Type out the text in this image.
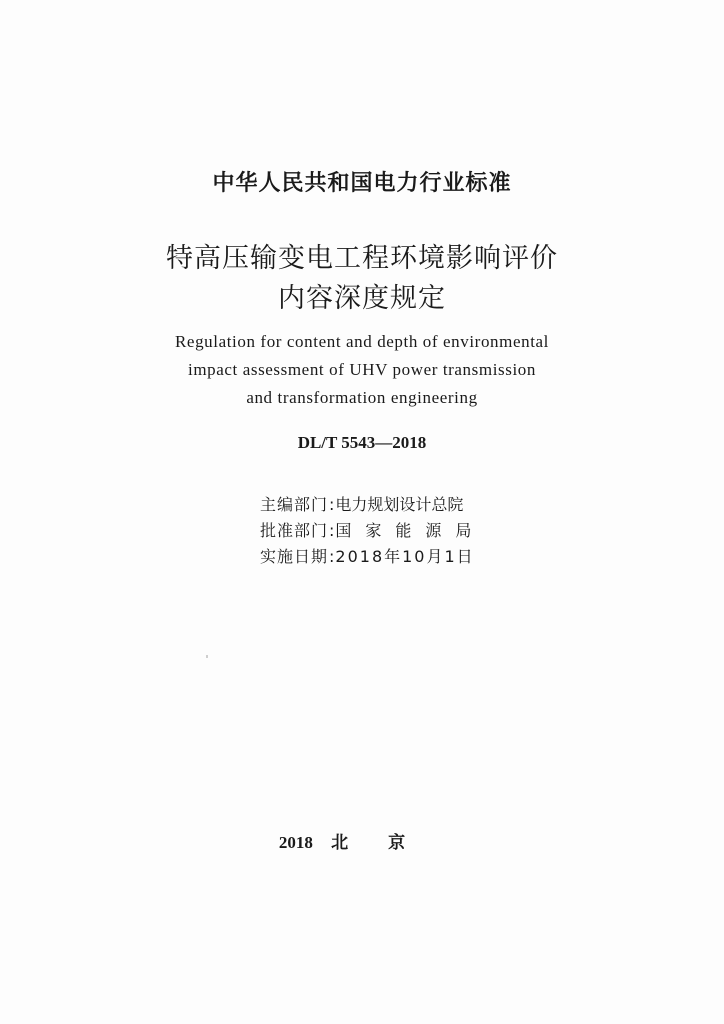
中华人民共和国电力行业标准
特高压输变电工程环境影响评价
内容深度规定
Regulation for content and depth of environmental
impact assessment of UHV power transmission
and transformation engineering
DL/T 5543—2018
主编部门 : 电力规划设计总院
批准部门 : 国家能源局
实施日期 : 2018年10月1日
2018 北京
